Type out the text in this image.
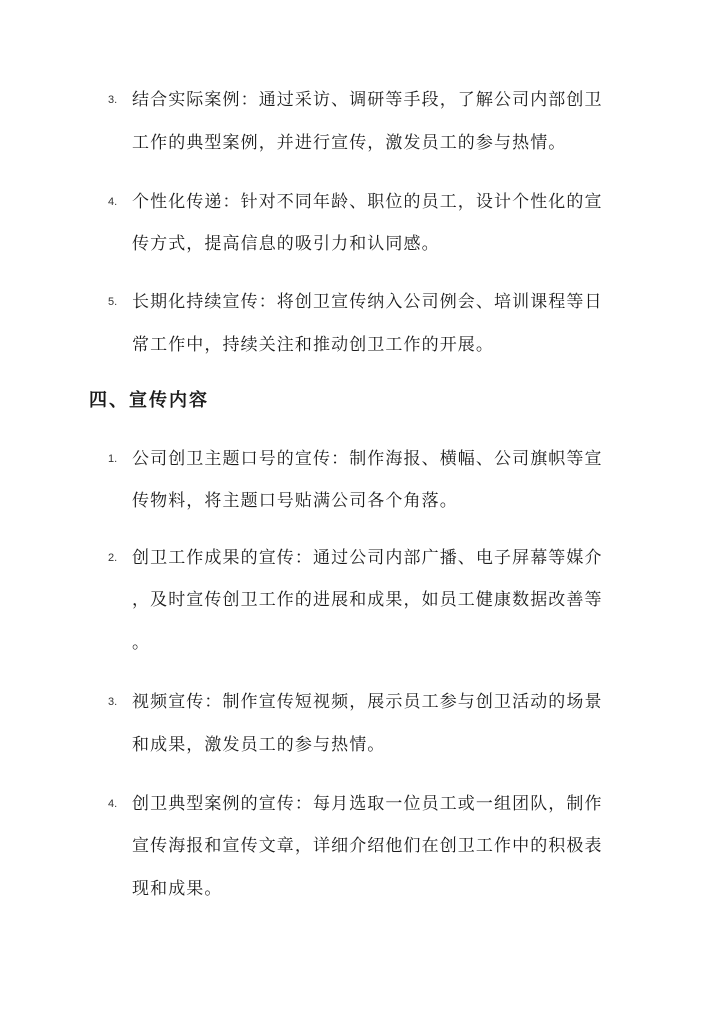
3. 结合实际案例：通过采访、调研等手段，了解公司内部创卫
工作的典型案例，并进行宣传，激发员工的参与热情。
4. 个性化传递：针对不同年龄、职位的员工，设计个性化的宣
传方式，提高信息的吸引力和认同感。
5. 长期化持续宣传：将创卫宣传纳入公司例会、培训课程等日
常工作中，持续关注和推动创卫工作的开展。
四、宣传内容
1. 公司创卫主题口号的宣传：制作海报、横幅、公司旗帜等宣
传物料，将主题口号贴满公司各个角落。
2. 创卫工作成果的宣传：通过公司内部广播、电子屏幕等媒介
，及时宣传创卫工作的进展和成果，如员工健康数据改善等
。
3. 视频宣传：制作宣传短视频，展示员工参与创卫活动的场景
和成果，激发员工的参与热情。
4. 创卫典型案例的宣传：每月选取一位员工或一组团队，制作
宣传海报和宣传文章，详细介绍他们在创卫工作中的积极表
现和成果。
